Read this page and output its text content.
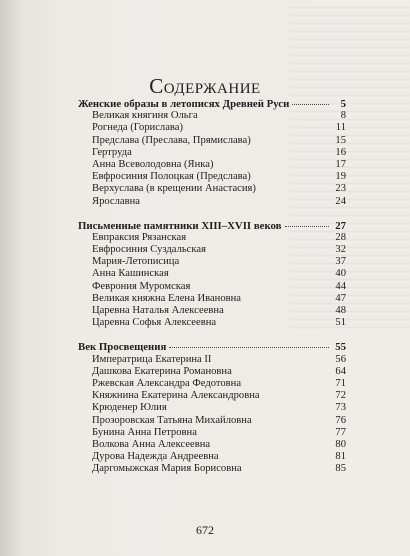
Содержание
Женские образы в летописях Древней Руси	5
Великая княгиня Ольга	8
Рогнеда (Горислава)	11
Предслава (Преслава, Прямислава)	15
Гертруда	16
Анна Всеволодовна (Янка)	17
Евфросиния Полоцкая (Предслава)	19
Верхуслава (в крещении Анастасия)	23
Ярославна	24
Письменные памятники XIII–XVII веков	27
Евпраксия Рязанская	28
Евфросиния Суздальская	32
Мария-Летописица	37
Анна Кашинская	40
Феврония Муромская	44
Великая княжна Елена Ивановна	47
Царевна Наталья Алексеевна	48
Царевна Софья Алексеевна	51
Век Просвещения	55
Императрица Екатерина II	56
Дашкова Екатерина Романовна	64
Ржевская Александра Федотовна	71
Княжнина Екатерина Александровна	72
Крюденер Юлия	73
Прозоровская Татьяна Михайловна	76
Бунина Анна Петровна	77
Волкова Анна Алексеевна	80
Дурова Надежда Андреевна	81
Даргомыжская Мария Борисовна	85
672
